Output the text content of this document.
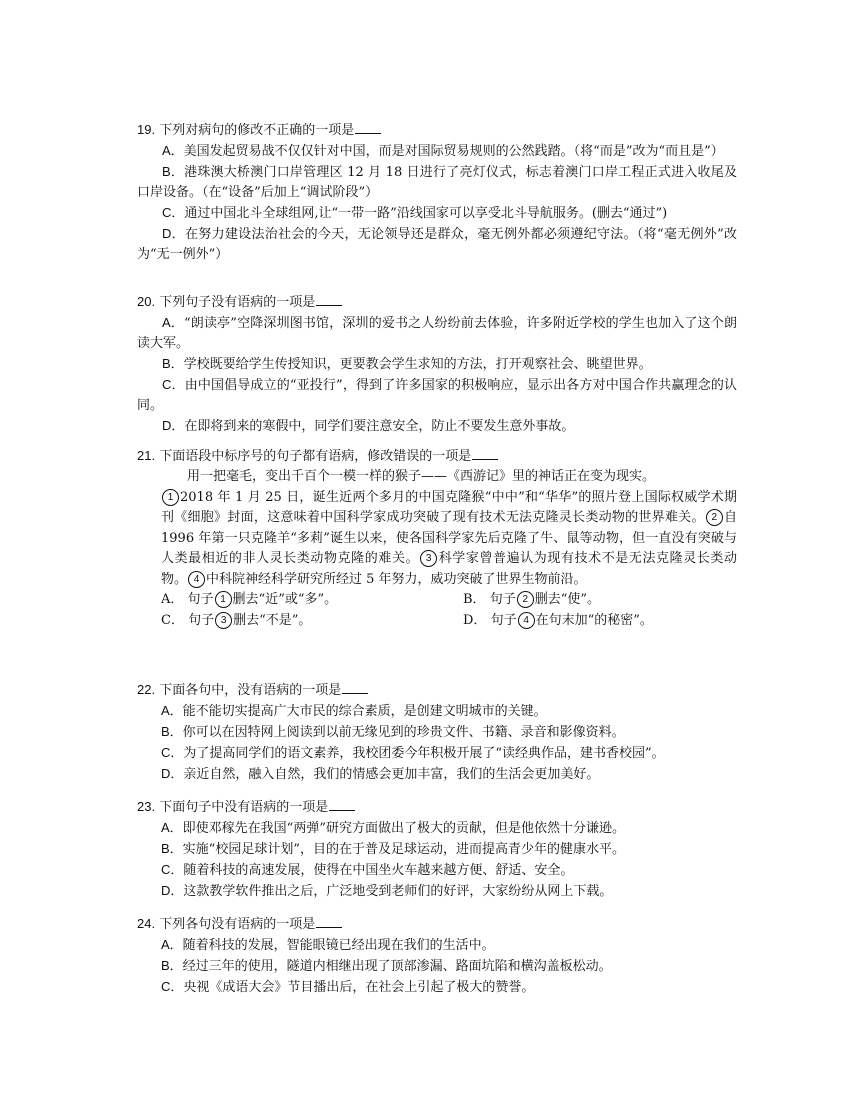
19. 下列对病句的修改不正确的一项是

A．美国发起贸易战不仅仅针对中国，而是对国际贸易规则的公然践踏。（将“而是”改为“而且是”）

B．港珠澳大桥澳门口岸管理区 12 月 18 日进行了亮灯仪式，标志着澳门口岸工程正式进入收尾及口岸设备。（在“设备”后加上“调试阶段”）

C．通过中国北斗全球组网,让“一带一路”沿线国家可以享受北斗导航服务。(删去“通过”)

D．在努力建设法治社会的今天，无论领导还是群众，毫无例外都必须遵纪守法。（将“毫无例外”改为“无一例外”）

20. 下列句子没有语病的一项是

A．“朗读亭”空降深圳图书馆，深圳的爱书之人纷纷前去体验，许多附近学校的学生也加入了这个朗读大军。

B．学校既要给学生传授知识，更要教会学生求知的方法，打开观察社会、眺望世界。

C．由中国倡导成立的“亚投行”，得到了许多国家的积极响应，显示出各方对中国合作共赢理念的认同。

D．在即将到来的寒假中，同学们要注意安全，防止不要发生意外事故。

21. 下面语段中标序号的句子都有语病，修改错误的一项是

用一把毫毛，变出千百个一模一样的猴子——《西游记》里的神话正在变为现实。
1 2018 年 1 月 25 日，诞生近两个多月的中国克隆猴“中中”和“华华”的照片登上国际权威学术期刊《细胞》封面，这意味着中国科学家成功突破了现有技术无法克隆灵长类动物的世界难关。 2 自 1996 年第一只克隆羊“多莉”诞生以来，使各国科学家先后克隆了牛、鼠等动物，但一直没有突破与人类最相近的非人灵长类动物克隆的难关。 3 科学家曾普遍认为现有技术不是无法克隆灵长类动物。 4 中科院神经科学研究所经过 5 年努力，威功突破了世界生物前沿。
A． 句子 1 删去“近”或“多”。	B． 句子 2 删去“使”。
C． 句子 3 删去“不是”。	D． 句子 4 在句末加“的秘密”。

22. 下面各句中，没有语病的一项是

A．能不能切实提高广大市民的综合素质，是创建文明城市的关键。

B．你可以在因特网上阅读到以前无缘见到的珍贵文件、书籍、录音和影像资料。

C．为了提高同学们的语文素养，我校团委今年积极开展了“读经典作品，建书香校园”。

D．亲近自然，融入自然，我们的情感会更加丰富，我们的生活会更加美好。

23. 下面句子中没有语病的一项是

A．即使邓稼先在我国“两弹”研究方面做出了极大的贡献，但是他依然十分谦逊。

B．实施“校园足球计划”，目的在于普及足球运动，进而提高青少年的健康水平。

C．随着科技的高速发展，使得在中国坐火车越来越方便、舒适、安全。

D．这款教学软件推出之后，广泛地受到老师们的好评，大家纷纷从网上下载。

24. 下列各句没有语病的一项是

A．随着科技的发展，智能眼镜已经出现在我们的生活中。

B．经过三年的使用，隧道内相继出现了顶部渗漏、路面坑陷和横沟盖板松动。

C．央视《成语大会》节目播出后，在社会上引起了极大的赞誉。
